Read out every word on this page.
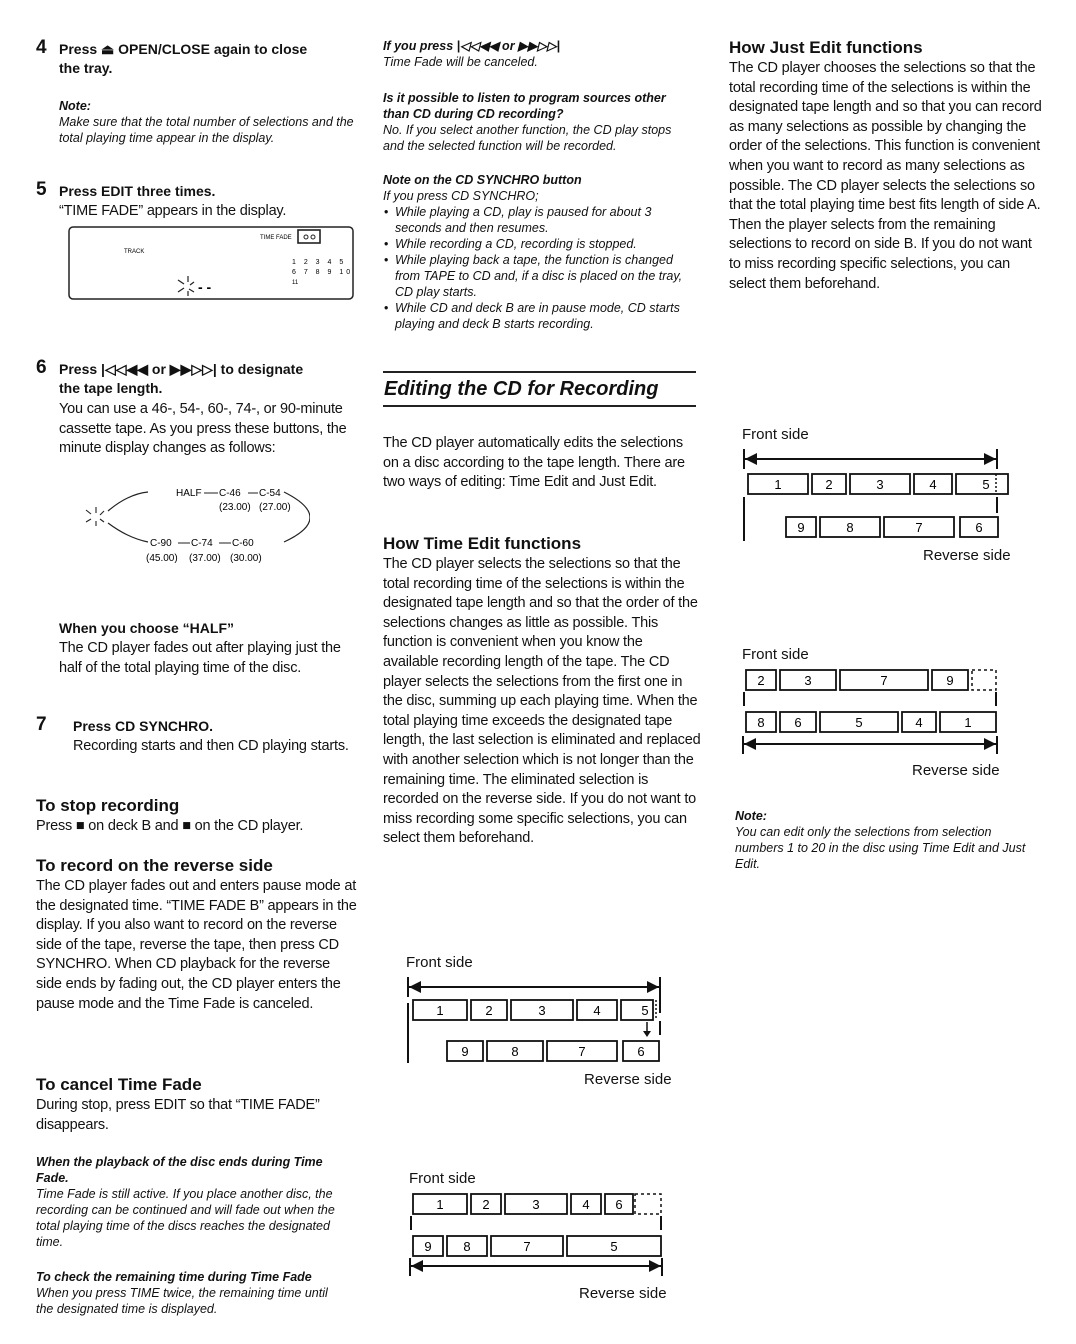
4 Press ⏏ OPEN/CLOSE again to close
the tray.
Note:
Make sure that the total number of selections and the total playing time appear in the display.
5 Press EDIT three times.
“TIME FADE” appears in the display.
TRACK
TIME FADE
1 2 3 4 5
6 7 8 9 10
11
- -
6 Press |◁◁◀◀ or ▶▶▷▷| to designate
the tape length.
You can use a 46-, 54-, 60-, 74-, or 90-minute cassette tape. As you press these buttons, the minute display changes as follows:
HALF C-46 C-54
(23.00) (27.00)
C-90 C-74 C-60
(45.00) (37.00) (30.00)
When you choose “HALF”
The CD player fades out after playing just the half of the total playing time of the disc.
7 Press CD SYNCHRO.
Recording starts and then CD playing starts.
To stop recording
Press ■ on deck B and ■ on the CD player.
To record on the reverse side
The CD player fades out and enters pause mode at the designated time. “TIME FADE B” appears in the display. If you also want to record on the reverse side of the tape, reverse the tape, then press CD SYNCHRO. When CD playback for the reverse side ends by fading out, the CD player enters the pause mode and the Time Fade is canceled.
To cancel Time Fade
During stop, press EDIT so that “TIME FADE” disappears.
When the playback of the disc ends during Time Fade.
Time Fade is still active. If you place another disc, the recording can be continued and will fade out when the total playing time of the discs reaches the designated time.
To check the remaining time during Time Fade
When you press TIME twice, the remaining time until the designated time is displayed.
If you press |◁◁◀◀ or ▶▶▷▷|
Time Fade will be canceled.
Is it possible to listen to program sources other than CD during CD recording?
No. If you select another function, the CD play stops and the selected function will be recorded.
Note on the CD SYNCHRO button
If you press CD SYNCHRO;
• While playing a CD, play is paused for about 3 seconds and then resumes.
• While recording a CD, recording is stopped.
• While playing back a tape, the function is changed from TAPE to CD and, if a disc is placed on the tray, CD play starts.
• While CD and deck B are in pause mode, CD starts playing and deck B starts recording.
Editing the CD for Recording
The CD player automatically edits the selections on a disc according to the tape length. There are two ways of editing: Time Edit and Just Edit.
How Time Edit functions
The CD player selects the selections so that the total recording time of the selections is within the designated tape length and so that the order of the selections changes as little as possible. This function is convenient when you know the available recording length of the tape. The CD player selects the selections from the first one in the disc, summing up each playing time. When the total playing time exceeds the designated tape length, the last selection is eliminated and replaced with another selection which is not longer than the remaining time. The eliminated selection is recorded on the reverse side. If you do not want to miss recording some specific selections, you can select them beforehand.
Front side
1	2	3	4	5
9	8	7	6
Reverse side
Front side
1	2	3	4 6
9 8	7	5
Reverse side
How Just Edit functions
The CD player chooses the selections so that the total recording time of the selections is within the designated tape length and so that you can record as many selections as possible by changing the order of the selections. This function is convenient when you want to record as many selections as possible. The CD player selects the selections so that the total playing time best fits length of side A. Then the player selects from the remaining selections to record on side B. If you do not want to miss recording specific selections, you can select them beforehand.
Front side
1	2	3	4	5
9	8	7	6
Reverse side
Front side
2	3	7	9
8 6	5	4	1
Reverse side
Note:
You can edit only the selections from selection numbers 1 to 20 in the disc using Time Edit and Just Edit.
